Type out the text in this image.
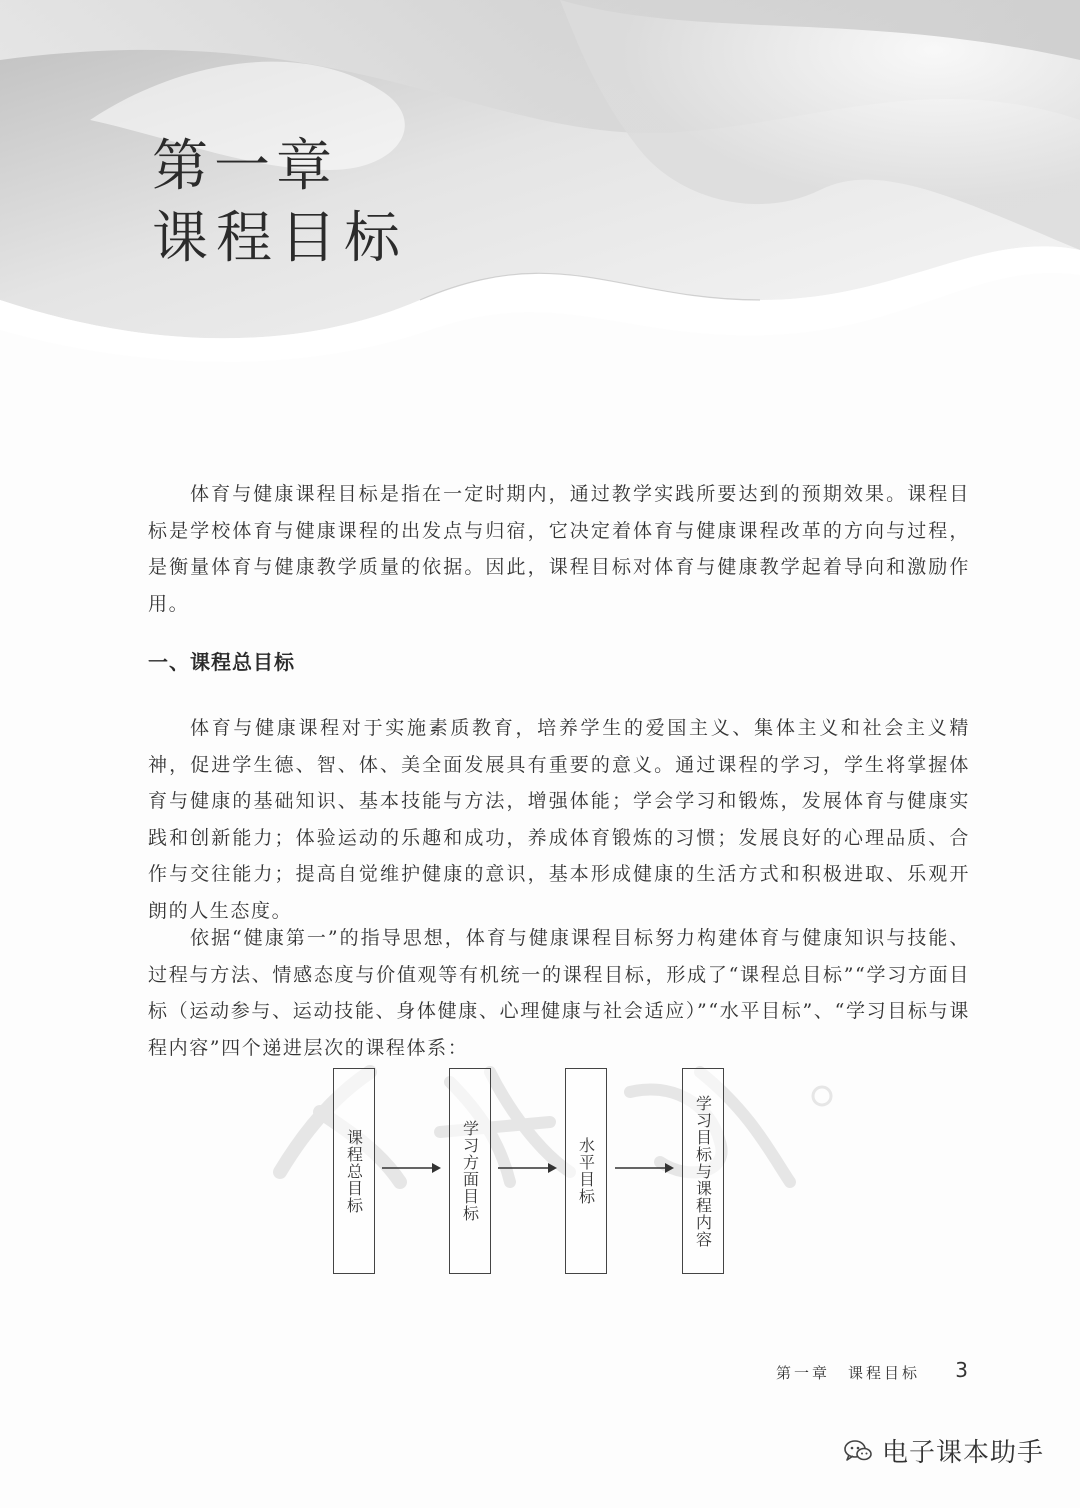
第一章
课程目标

体育与健康课程目标是指在一定时期内，通过教学实践所要达到的预期效果。课程目标是学校体育与健康课程的出发点与归宿，它决定着体育与健康课程改革的方向与过程，是衡量体育与健康教学质量的依据。因此，课程目标对体育与健康教学起着导向和激励作用。

一、课程总目标

体育与健康课程对于实施素质教育，培养学生的爱国主义、集体主义和社会主义精神，促进学生德、智、体、美全面发展具有重要的意义。通过课程的学习，学生将掌握体育与健康的基础知识、基本技能与方法，增强体能；学会学习和锻炼，发展体育与健康实践和创新能力；体验运动的乐趣和成功，养成体育锻炼的习惯；发展良好的心理品质、合作与交往能力；提高自觉维护健康的意识，基本形成健康的生活方式和积极进取、乐观开朗的人生态度。

依据“健康第一”的指导思想，体育与健康课程目标努力构建体育与健康知识与技能、过程与方法、情感态度与价值观等有机统一的课程目标，形成了“课程总目标”“学习方面目标（运动参与、运动技能、身体健康、心理健康与社会适应）”“水平目标”、“学习目标与课程内容”四个递进层次的课程体系：

课程总目标	学习方面目标	水平目标	学习目标与课程内容

第一章　课程目标 3

电子课本助手
